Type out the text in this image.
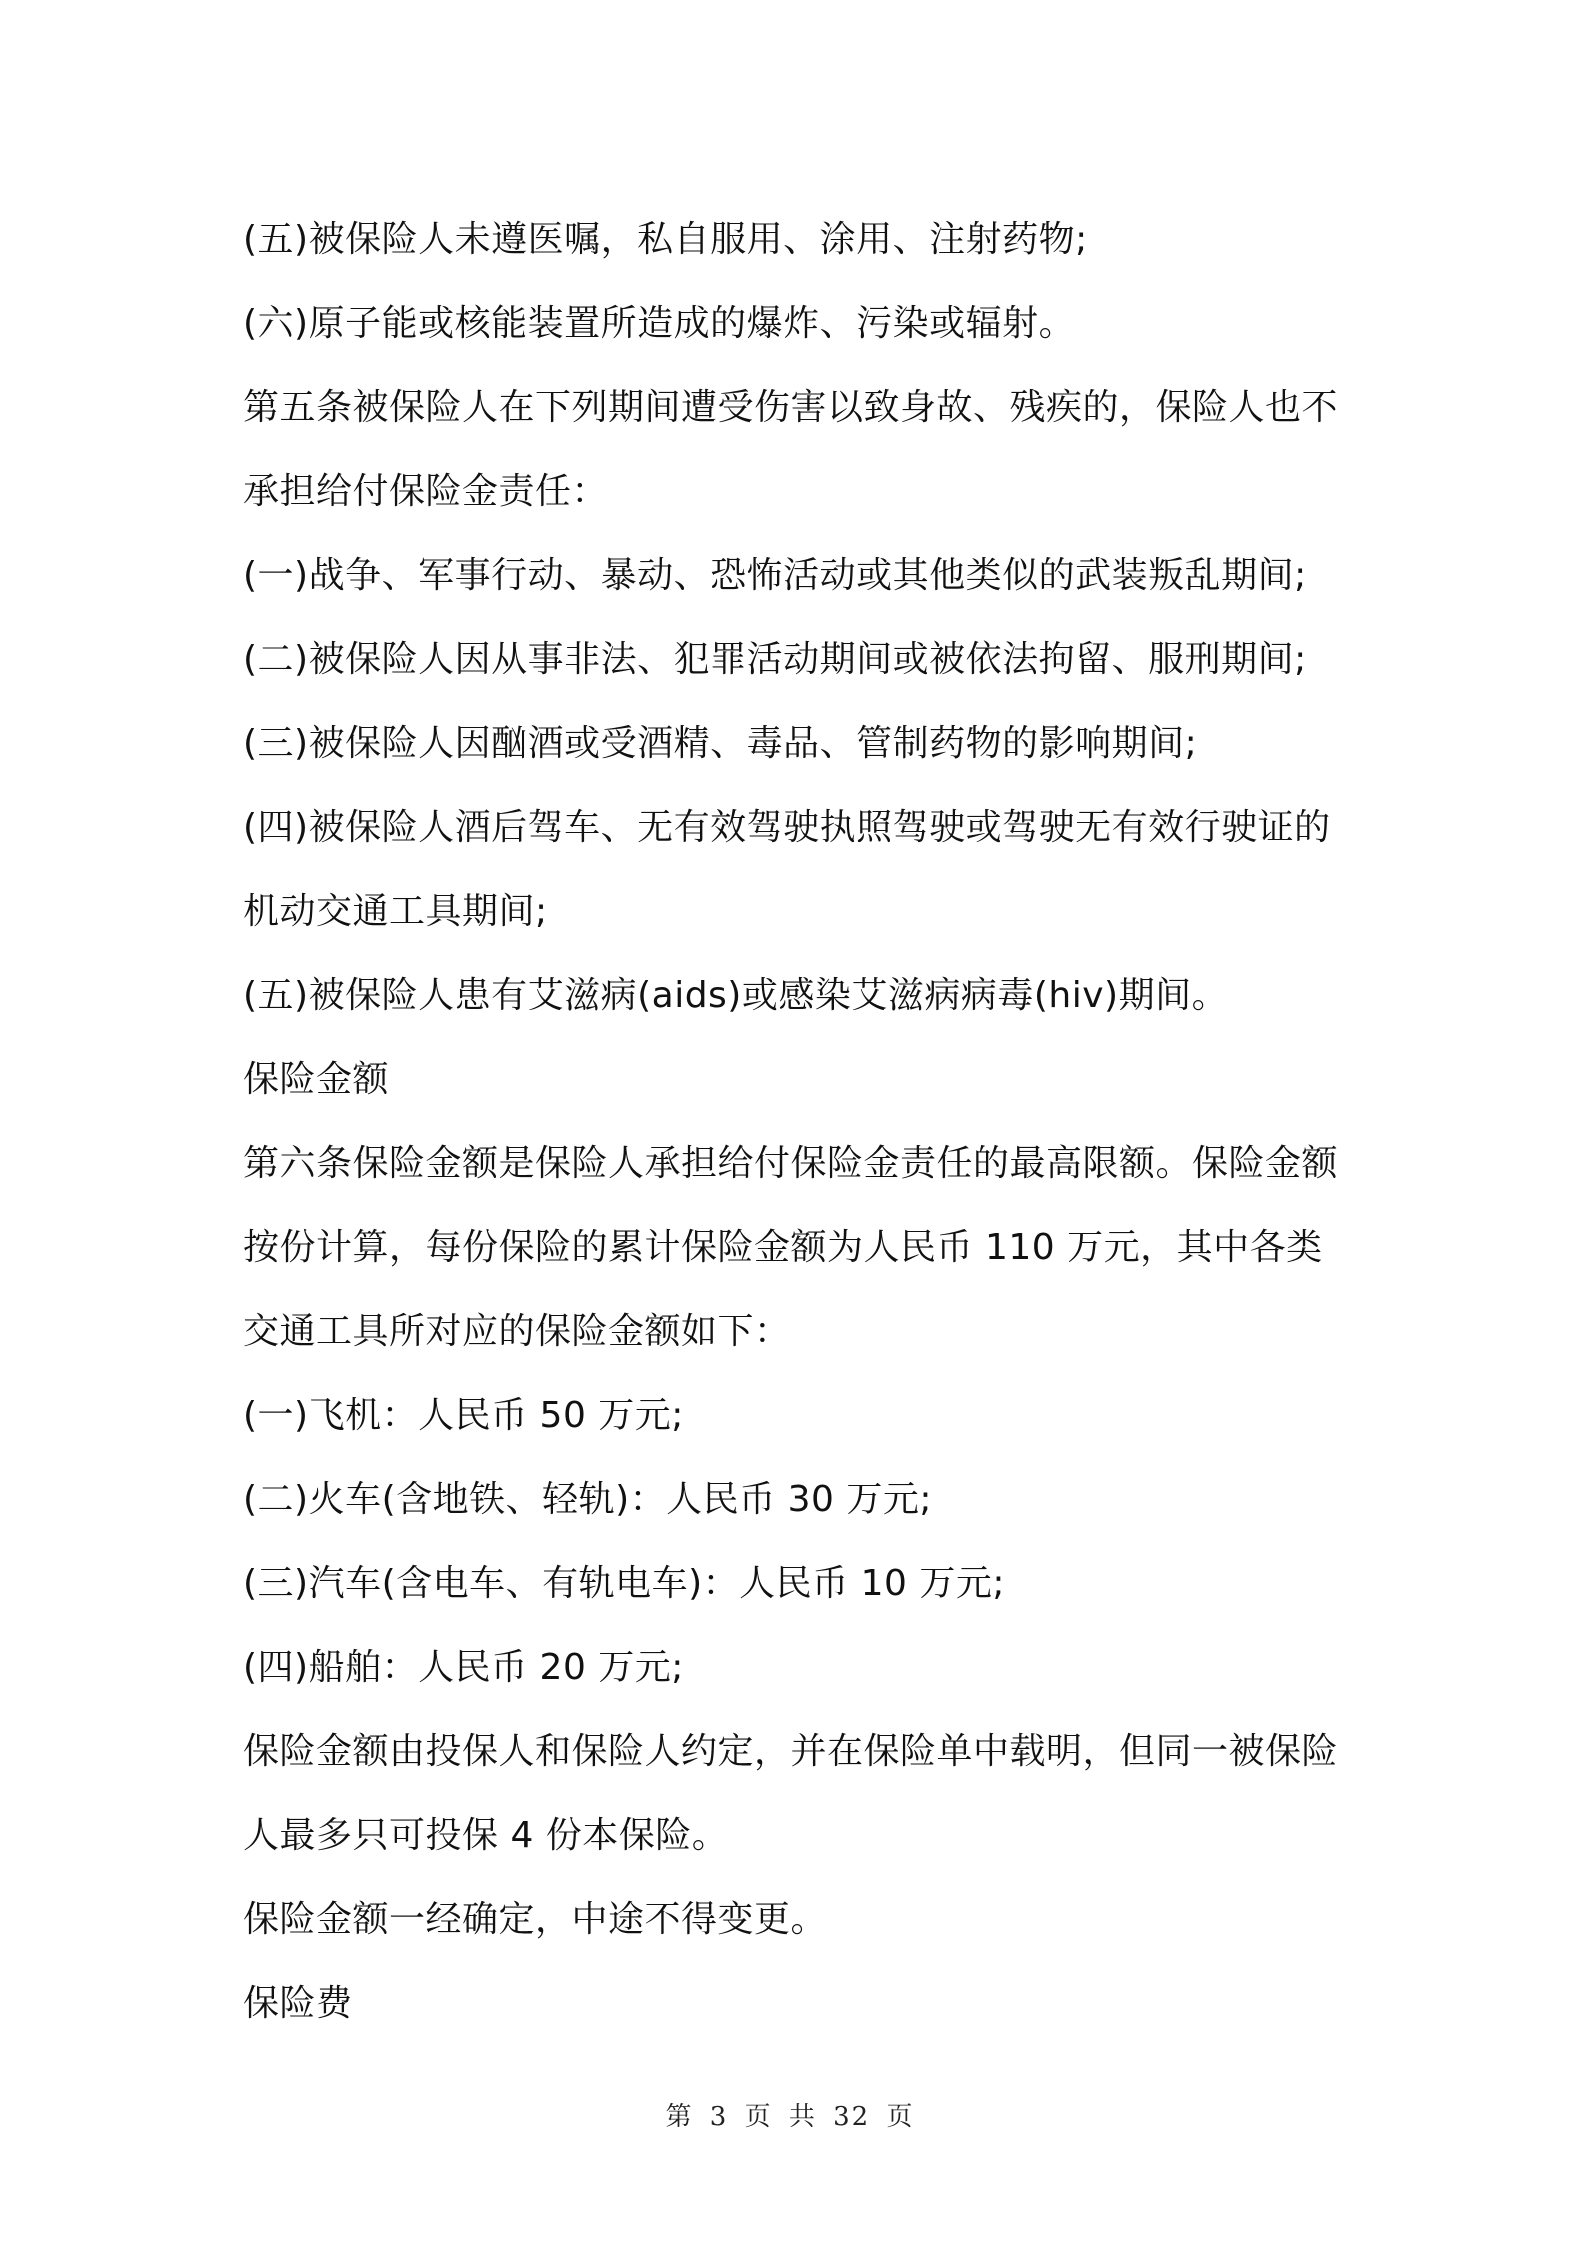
(五)被保险人未遵医嘱，私自服用、涂用、注射药物;
(六)原子能或核能装置所造成的爆炸、污染或辐射。
第五条被保险人在下列期间遭受伤害以致身故、残疾的，保险人也不
承担给付保险金责任：
(一)战争、军事行动、暴动、恐怖活动或其他类似的武装叛乱期间;
(二)被保险人因从事非法、犯罪活动期间或被依法拘留、服刑期间;
(三)被保险人因酗酒或受酒精、毒品、管制药物的影响期间;
(四)被保险人酒后驾车、无有效驾驶执照驾驶或驾驶无有效行驶证的
机动交通工具期间;
(五)被保险人患有艾滋病(aids)或感染艾滋病病毒(hiv)期间。
保险金额
第六条保险金额是保险人承担给付保险金责任的最高限额。保险金额
按份计算，每份保险的累计保险金额为人民币 110 万元，其中各类
交通工具所对应的保险金额如下：
(一)飞机：人民币 50 万元;
(二)火车(含地铁、轻轨)：人民币 30 万元;
(三)汽车(含电车、有轨电车)：人民币 10 万元;
(四)船舶：人民币 20 万元;
保险金额由投保人和保险人约定，并在保险单中载明，但同一被保险
人最多只可投保 4 份本保险。
保险金额一经确定，中途不得变更。
保险费
第 3 页 共 32 页
